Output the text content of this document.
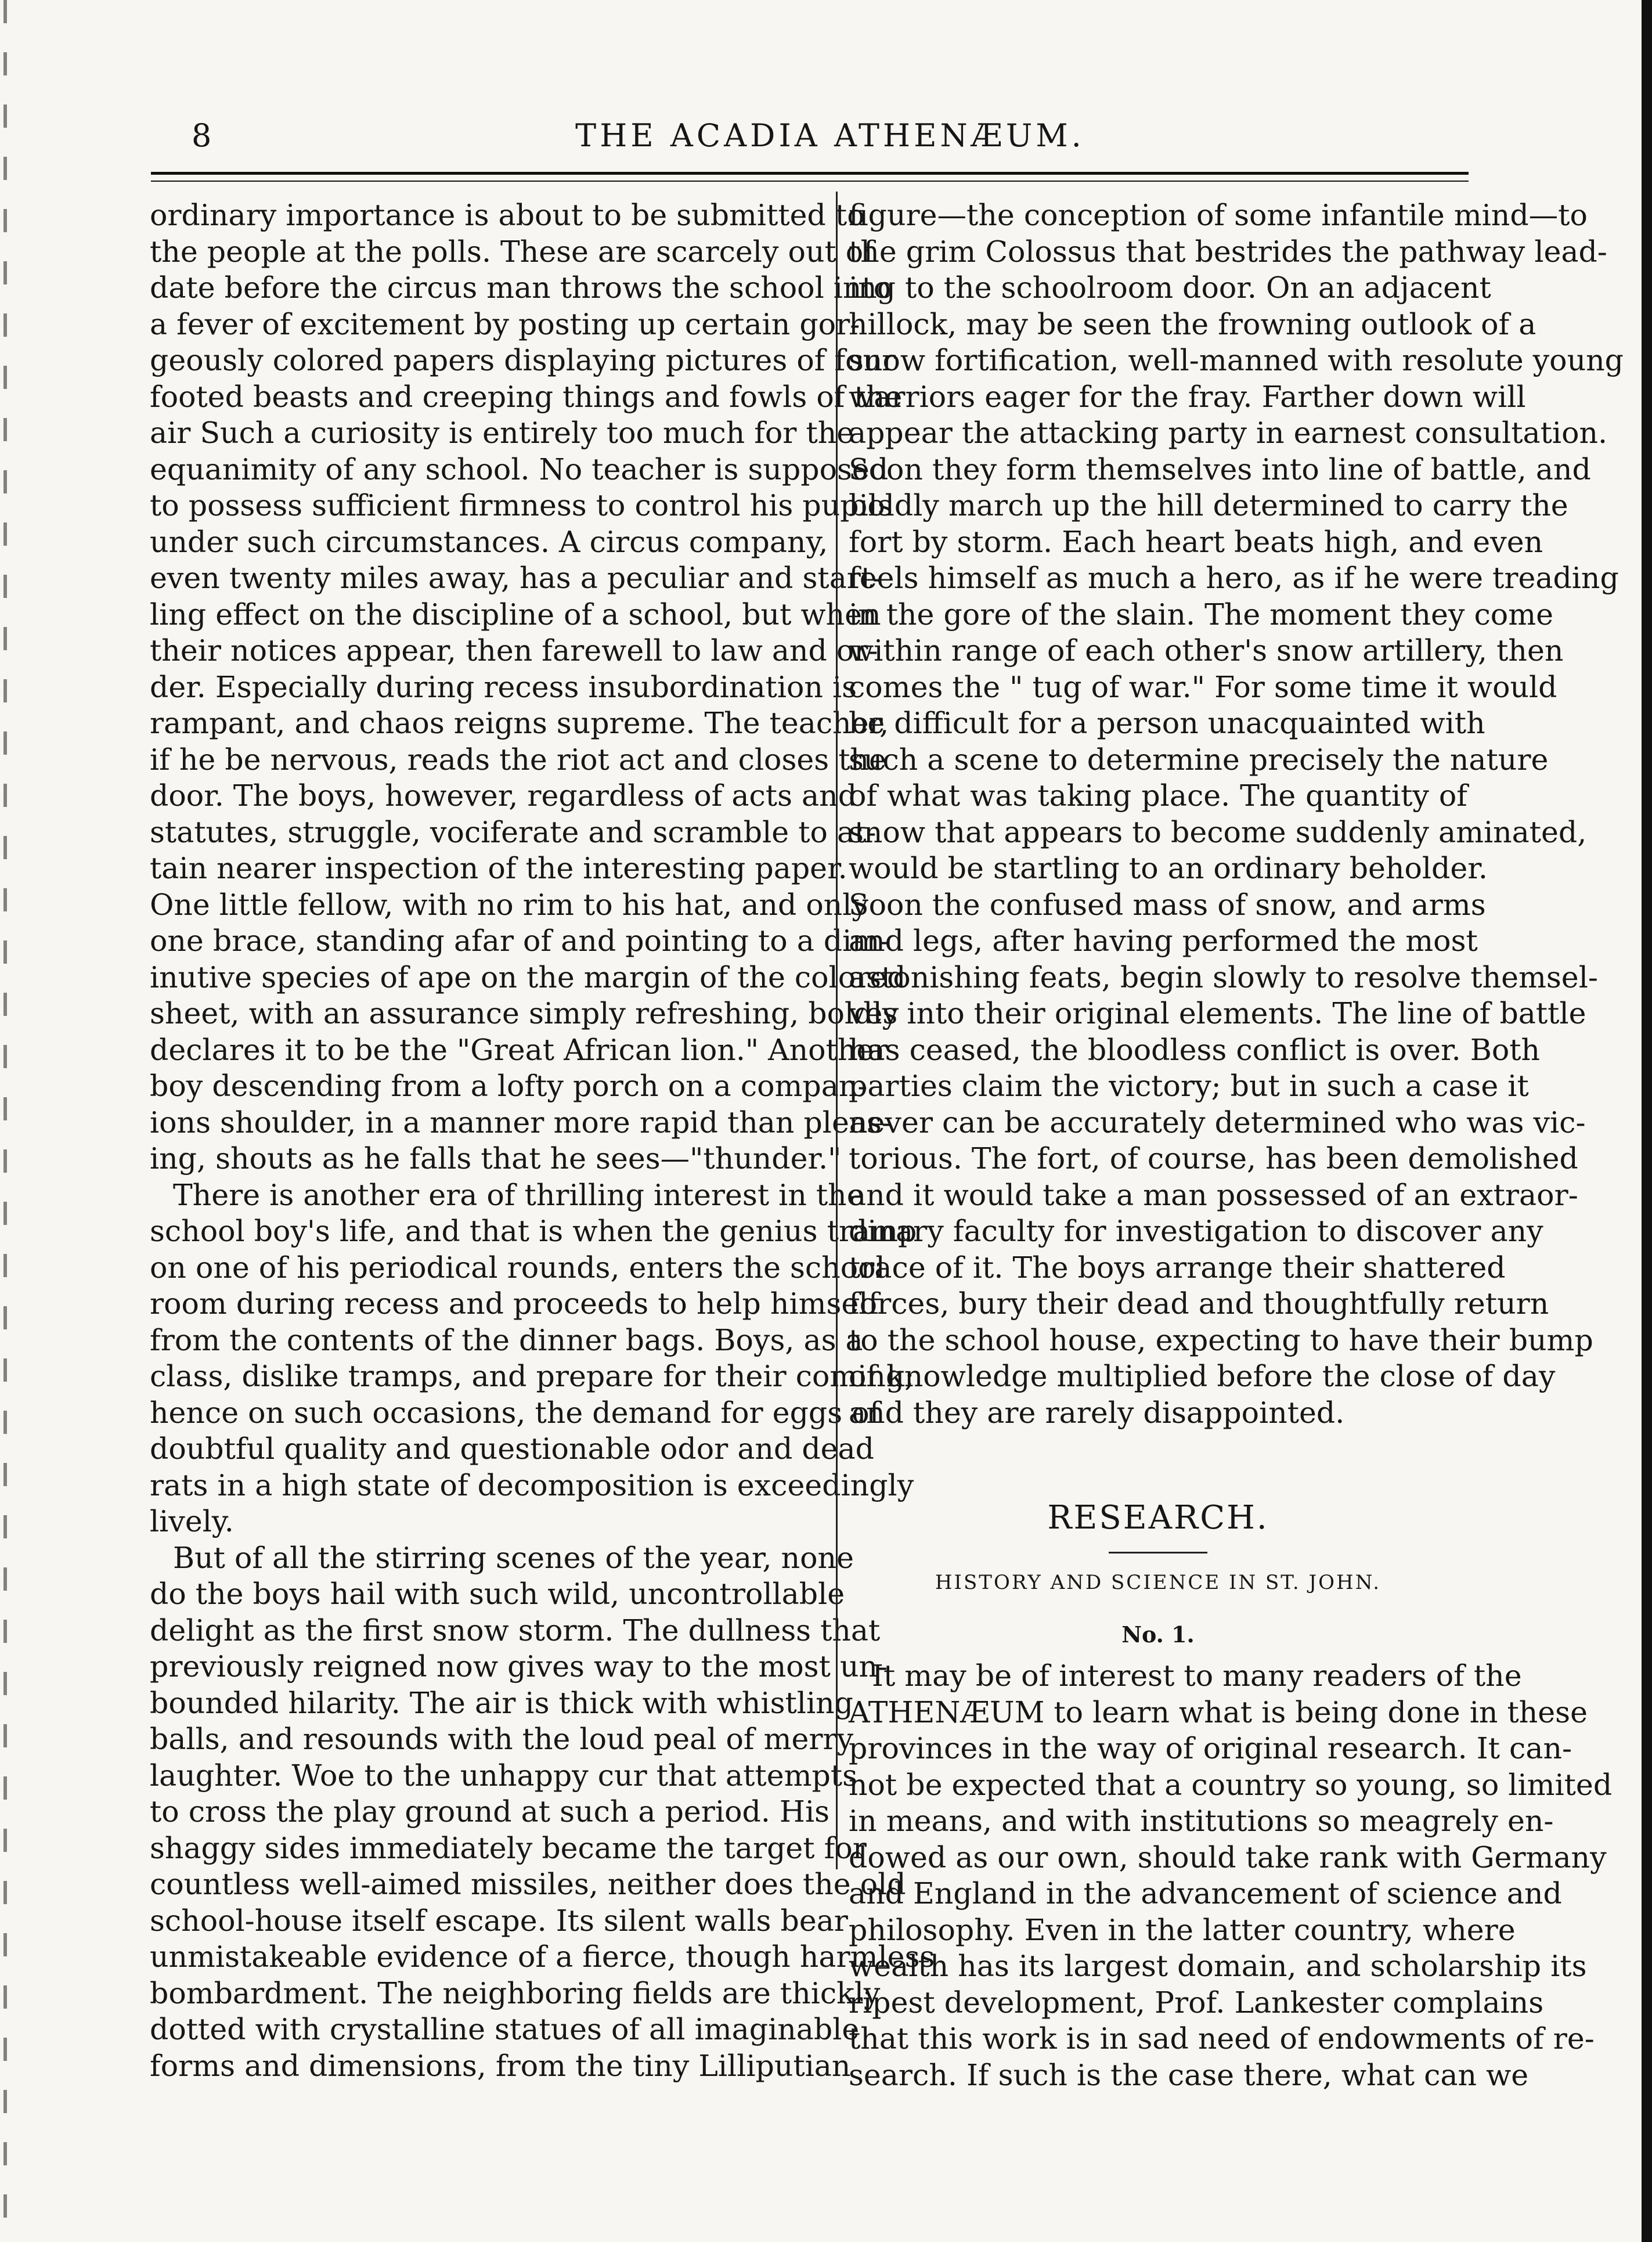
8	THE ACADIA ATHENÆUM.
ordinary importance is about to be submitted to
the people at the polls. These are scarcely out of
date before the circus man throws the school into
a fever of excitement by posting up certain gor-
geously colored papers displaying pictures of four
footed beasts and creeping things and fowls of the
air Such a curiosity is entirely too much for the
equanimity of any school. No teacher is supposed
to possess sufficient firmness to control his pupils
under such circumstances. A circus company,
even twenty miles away, has a peculiar and start-
ling effect on the discipline of a school, but when
their notices appear, then farewell to law and or-
der. Especially during recess insubordination is
rampant, and chaos reigns supreme. The teacher,
if he be nervous, reads the riot act and closes the
door. The boys, however, regardless of acts and
statutes, struggle, vociferate and scramble to at-
tain nearer inspection of the interesting paper.
One little fellow, with no rim to his hat, and only
one brace, standing afar of and pointing to a dim-
inutive species of ape on the margin of the colored
sheet, with an assurance simply refreshing, boldly
declares it to be the "Great African lion." Another
boy descending from a lofty porch on a compan-
ions shoulder, in a manner more rapid than pleas-
ing, shouts as he falls that he sees—"thunder."
There is another era of thrilling interest in the
school boy's life, and that is when the genius tramp
on one of his periodical rounds, enters the school
room during recess and proceeds to help himself
from the contents of the dinner bags. Boys, as a
class, dislike tramps, and prepare for their coming;
hence on such occasions, the demand for eggs of
doubtful quality and questionable odor and dead
rats in a high state of decomposition is exceedingly
lively.
But of all the stirring scenes of the year, none
do the boys hail with such wild, uncontrollable
delight as the first snow storm. The dullness that
previously reigned now gives way to the most un-
bounded hilarity. The air is thick with whistling
balls, and resounds with the loud peal of merry
laughter. Woe to the unhappy cur that attempts
to cross the play ground at such a period. His
shaggy sides immediately became the target for
countless well-aimed missiles, neither does the old
school-house itself escape. Its silent walls bear
unmistakeable evidence of a fierce, though harmless
bombardment. The neighboring fields are thickly
dotted with crystalline statues of all imaginable
forms and dimensions, from the tiny Lilliputian
figure—the conception of some infantile mind—to
the grim Colossus that bestrides the pathway lead-
ing to the schoolroom door. On an adjacent
hillock, may be seen the frowning outlook of a
snow fortification, well-manned with resolute young
warriors eager for the fray. Farther down will
appear the attacking party in earnest consultation.
Soon they form themselves into line of battle, and
boldly march up the hill determined to carry the
fort by storm. Each heart beats high, and even
feels himself as much a hero, as if he were treading
in the gore of the slain. The moment they come
within range of each other's snow artillery, then
comes the " tug of war." For some time it would
be difficult for a person unacquainted with
such a scene to determine precisely the nature
of what was taking place. The quantity of
snow that appears to become suddenly aminated,
would be startling to an ordinary beholder.
Soon the confused mass of snow, and arms
and legs, after having performed the most
astonishing feats, begin slowly to resolve themsel-
ves into their original elements. The line of battle
has ceased, the bloodless conflict is over. Both
parties claim the victory; but in such a case it
never can be accurately determined who was vic-
torious. The fort, of course, has been demolished
and it would take a man possessed of an extraor-
dinary faculty for investigation to discover any
trace of it. The boys arrange their shattered
forces, bury their dead and thoughtfully return
to the school house, expecting to have their bump
of knowledge multiplied before the close of day
and they are rarely disappointed.
RESEARCH.
HISTORY AND SCIENCE IN ST. JOHN.
No. 1.
It may be of interest to many readers of the
ATHENÆUM to learn what is being done in these
provinces in the way of original research. It can-
not be expected that a country so young, so limited
in means, and with institutions so meagrely en-
dowed as our own, should take rank with Germany
and England in the advancement of science and
philosophy. Even in the latter country, where
wealth has its largest domain, and scholarship its
ripest development, Prof. Lankester complains
that this work is in sad need of endowments of re-
search. If such is the case there, what can we
